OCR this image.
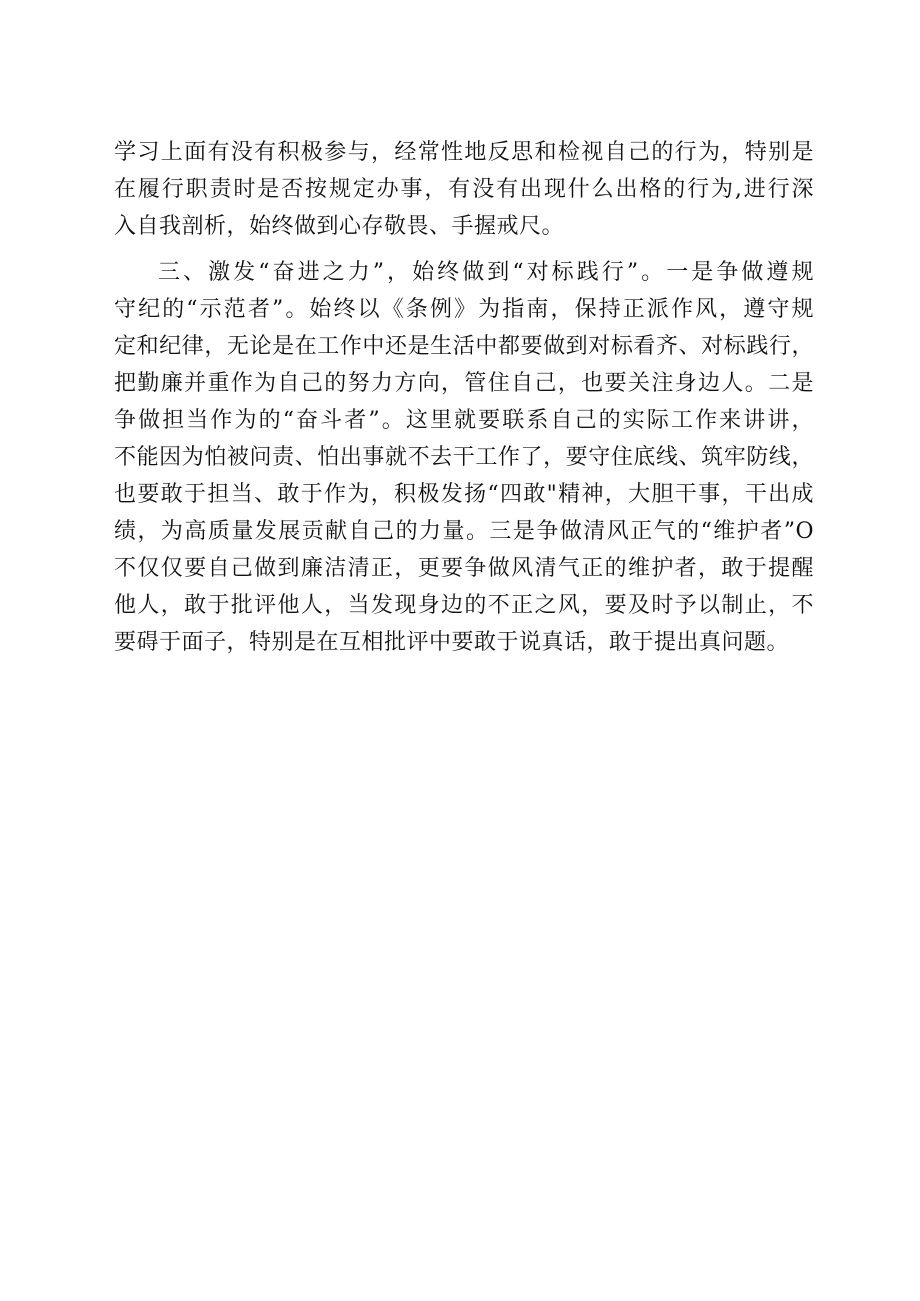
学习上面有没有积极参与，经常性地反思和检视自己的行为，特别是
在履行职责时是否按规定办事，有没有出现什么出格的行为,进行深
入自我剖析，始终做到心存敬畏、手握戒尺。
三、激发“奋进之力”，始终做到“对标践行”。一是争做遵规
守纪的“示范者”。始终以《条例》为指南，保持正派作风，遵守规
定和纪律，无论是在工作中还是生活中都要做到对标看齐、对标践行，
把勤廉并重作为自己的努力方向，管住自己，也要关注身边人。二是
争做担当作为的“奋斗者”。这里就要联系自己的实际工作来讲讲，
不能因为怕被问责、怕出事就不去干工作了，要守住底线、筑牢防线，
也要敢于担当、敢于作为，积极发扬“四敢"精神，大胆干事，干出成
绩，为高质量发展贡献自己的力量。三是争做清风正气的“维护者”O
不仅仅要自己做到廉洁清正，更要争做风清气正的维护者，敢于提醒
他人，敢于批评他人，当发现身边的不正之风，要及时予以制止，不
要碍于面子，特别是在互相批评中要敢于说真话，敢于提出真问题。
